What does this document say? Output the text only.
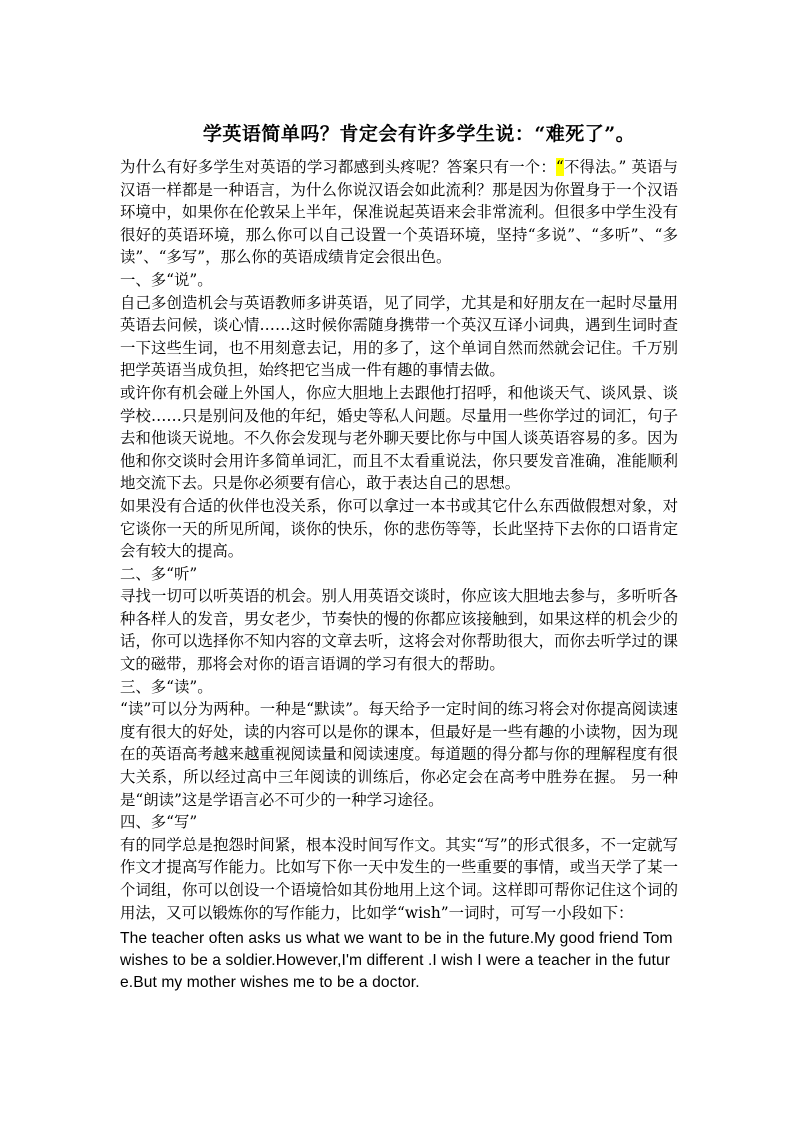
学英语简单吗？肯定会有许多学生说：“难死了”。

为什么有好多学生对英语的学习都感到头疼呢？答案只有一个：“不得法。” 英语与汉语一样都是一种语言，为什么你说汉语会如此流利？那是因为你置身于一个汉语环境中，如果你在伦敦呆上半年，保准说起英语来会非常流利。但很多中学生没有很好的英语环境，那么你可以自己设置一个英语环境，坚持“多说”、“多听”、“多读”、“多写”，那么你的英语成绩肯定会很出色。

一、多“说”。

自己多创造机会与英语教师多讲英语，见了同学，尤其是和好朋友在一起时尽量用英语去问候，谈心情……这时候你需随身携带一个英汉互译小词典，遇到生词时查一下这些生词，也不用刻意去记，用的多了，这个单词自然而然就会记住。千万别把学英语当成负担，始终把它当成一件有趣的事情去做。

或许你有机会碰上外国人，你应大胆地上去跟他打招呼，和他谈天气、谈风景、谈学校……只是别问及他的年纪，婚史等私人问题。尽量用一些你学过的词汇，句子去和他谈天说地。不久你会发现与老外聊天要比你与中国人谈英语容易的多。因为他和你交谈时会用许多简单词汇，而且不太看重说法，你只要发音准确，准能顺利地交流下去。只是你必须要有信心，敢于表达自己的思想。

如果没有合适的伙伴也没关系，你可以拿过一本书或其它什么东西做假想对象，对它谈你一天的所见所闻，谈你的快乐，你的悲伤等等，长此坚持下去你的口语肯定会有较大的提高。

二、多“听”

寻找一切可以听英语的机会。别人用英语交谈时，你应该大胆地去参与，多听听各种各样人的发音，男女老少，节奏快的慢的你都应该接触到，如果这样的机会少的话，你可以选择你不知内容的文章去听，这将会对你帮助很大，而你去听学过的课文的磁带，那将会对你的语言语调的学习有很大的帮助。

三、多“读”。

“读”可以分为两种。一种是“默读”。每天给予一定时间的练习将会对你提高阅读速度有很大的好处，读的内容可以是你的课本，但最好是一些有趣的小读物，因为现在的英语高考越来越重视阅读量和阅读速度。每道题的得分都与你的理解程度有很大关系，所以经过高中三年阅读的训练后，你必定会在高考中胜券在握。 另一种是“朗读”这是学语言必不可少的一种学习途径。

四、多“写”

有的同学总是抱怨时间紧，根本没时间写作文。其实“写”的形式很多，不一定就写作文才提高写作能力。比如写下你一天中发生的一些重要的事情，或当天学了某一个词组，你可以创设一个语境恰如其份地用上这个词。这样即可帮你记住这个词的用法，又可以锻炼你的写作能力，比如学“wish”一词时，可写一小段如下：

The teacher often asks us what we want to be in the future.My good friend Tom wishes to be a soldier.However,I'm different .I wish I were a teacher in the future.But my mother wishes me to be a doctor.
